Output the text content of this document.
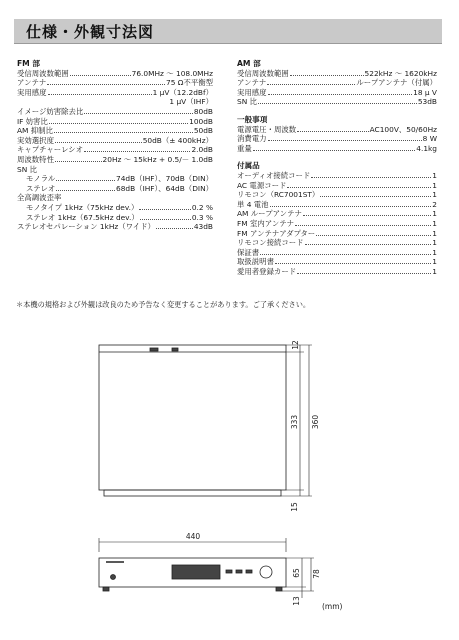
仕様・外観寸法図
FM 部
受信周波数範囲	76.0MHz ～ 108.0MHz
アンテナ	75 Ω不平衡型
実用感度	1 μV（12.2dBf）
1 μV（IHF）
イメージ妨害除去比	80dB
IF 妨害比	100dB
AM 抑制比	50dB
実効選択度	50dB（± 400kHz）
キャプチャーレシオ	2.0dB
周波数特性	20Hz ～ 15kHz + 0.5/－ 1.0dB
SN 比
モノラル	74dB（IHF）、70dB（DIN）
ステレオ	68dB（IHF）、64dB（DIN）
全高調波歪率
モノタイプ 1kHz（75kHz dev.）	0.2 %
ステレオ 1kHz（67.5kHz dev.）	0.3 %
ステレオセパレーション 1kHz（ワイド）	43dB
AM 部
受信周波数範囲	522kHz ～ 1620kHz
アンテナ	ループアンテナ（付属）
実用感度	18 μ V
SN 比	53dB
一般事項
電源電圧・周波数	AC100V、50/60Hz
消費電力	8 W
重量	4.1kg
付属品
オーディオ接続コード	1
AC 電源コード	1
リモコン（RC7001ST）	1
単 4 電池	2
AM ループアンテナ	1
FM 室内アンテナ	1
FM アンテナアダプター	1
リモコン接続コード	1
保証書	1
取扱説明書	1
愛用者登録カード	1
＊本機の規格および外観は改良のため予告なく変更することがあります。ご了承ください。
12
333 360
15
440
65 78
13
(mm)
